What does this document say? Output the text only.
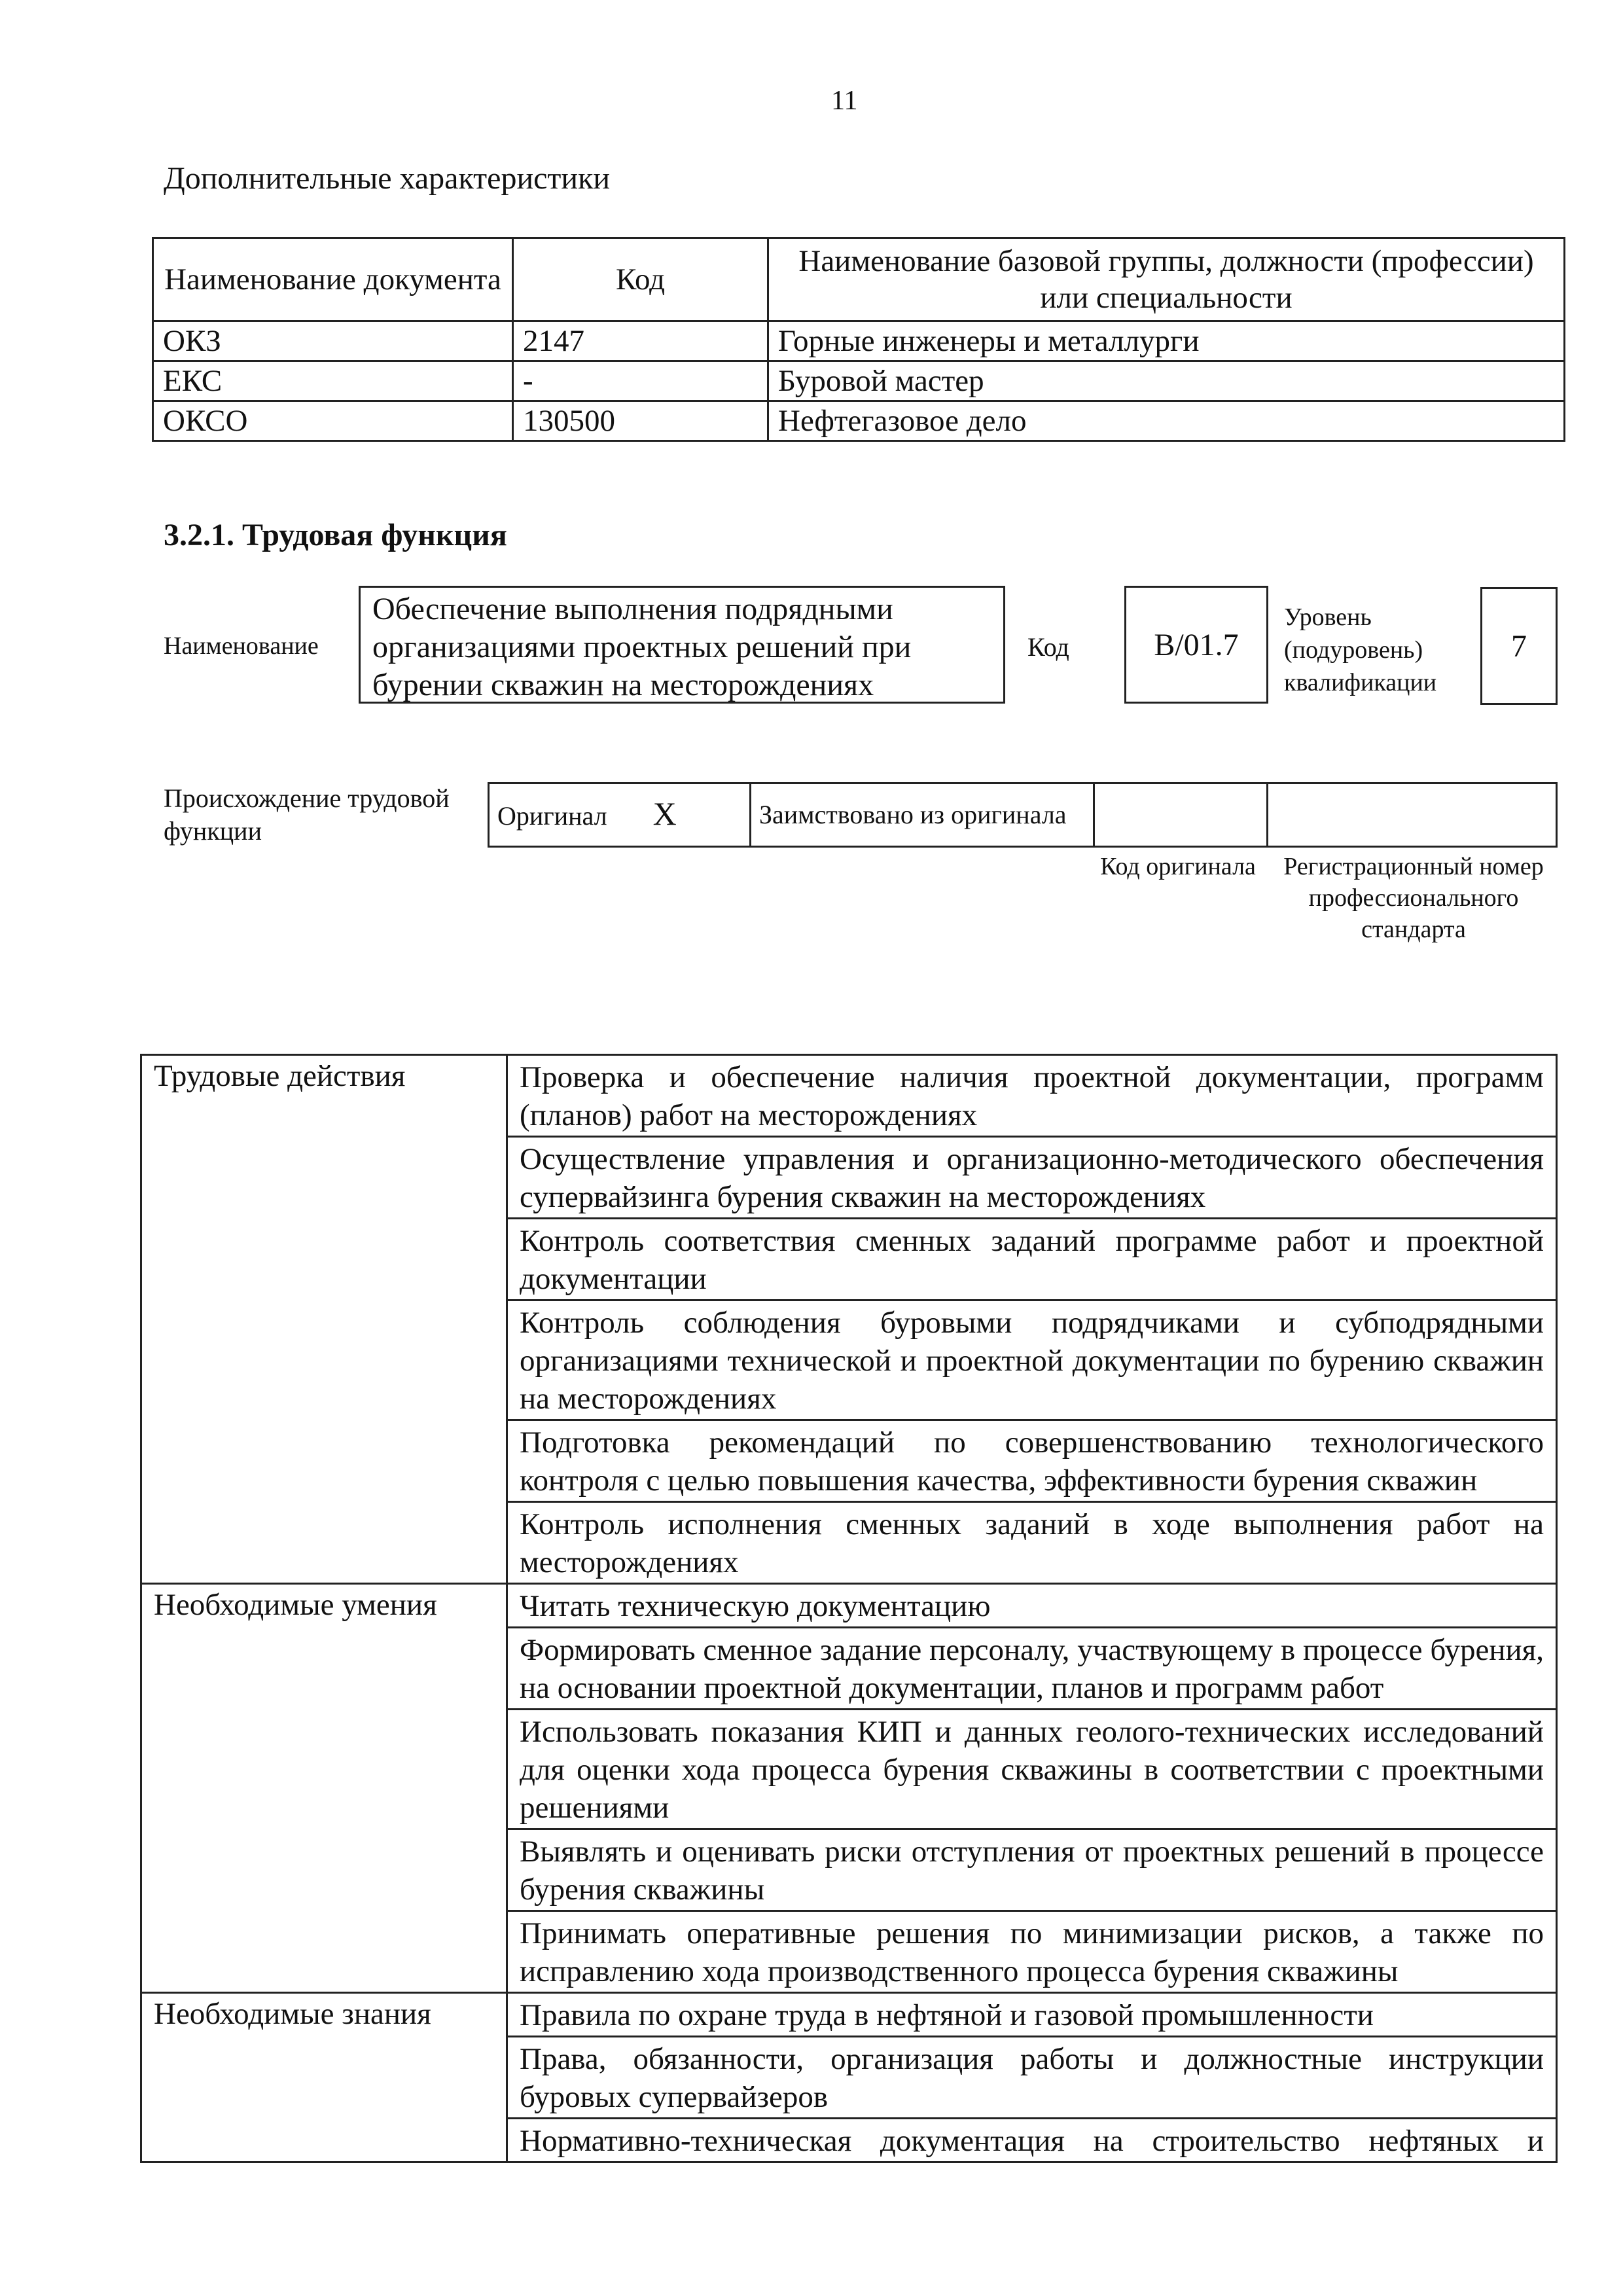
11
Дополнительные характеристики
Наименование документа	Код	Наименование базовой группы, должности (профессии) или специальности
ОКЗ	2147	Горные инженеры и металлурги
ЕКС	-	Буровой мастер
ОКСО	130500	Нефтегазовое дело
3.2.1. Трудовая функция
Наименование
Обеспечение выполнения подрядными организациями проектных решений при бурении скважин на месторождениях
Код	В/01.7
Уровень (подуровень) квалификации
7
Происхождение трудовой функции
Оригинал X	Заимствовано из оригинала		
Код оригинала	Регистрационный номер профессионального стандарта
Трудовые действия	Проверка и обеспечение наличия проектной документации, программ (планов) работ на месторождениях
	Осуществление управления и организационно-методического обеспечения супервайзинга бурения скважин на месторождениях
	Контроль соответствия сменных заданий программе работ и проектной документации
	Контроль соблюдения буровыми подрядчиками и субподрядными организациями технической и проектной документации по бурению скважин на месторождениях
	Подготовка рекомендаций по совершенствованию технологического контроля с целью повышения качества, эффективности бурения скважин
	Контроль исполнения сменных заданий в ходе выполнения работ на месторождениях
Необходимые умения	Читать техническую документацию
	Формировать сменное задание персоналу, участвующему в процессе бурения, на основании проектной документации, планов и программ работ
	Использовать показания КИП и данных геолого-технических исследований для оценки хода процесса бурения скважины в соответствии с проектными решениями
	Выявлять и оценивать риски отступления от проектных решений в процессе бурения скважины
	Принимать оперативные решения по минимизации рисков, а также по исправлению хода производственного процесса бурения скважины
Необходимые знания	Правила по охране труда в нефтяной и газовой промышленности
	Права, обязанности, организация работы и должностные инструкции буровых супервайзеров
	Нормативно-техническая документация на строительство нефтяных и
